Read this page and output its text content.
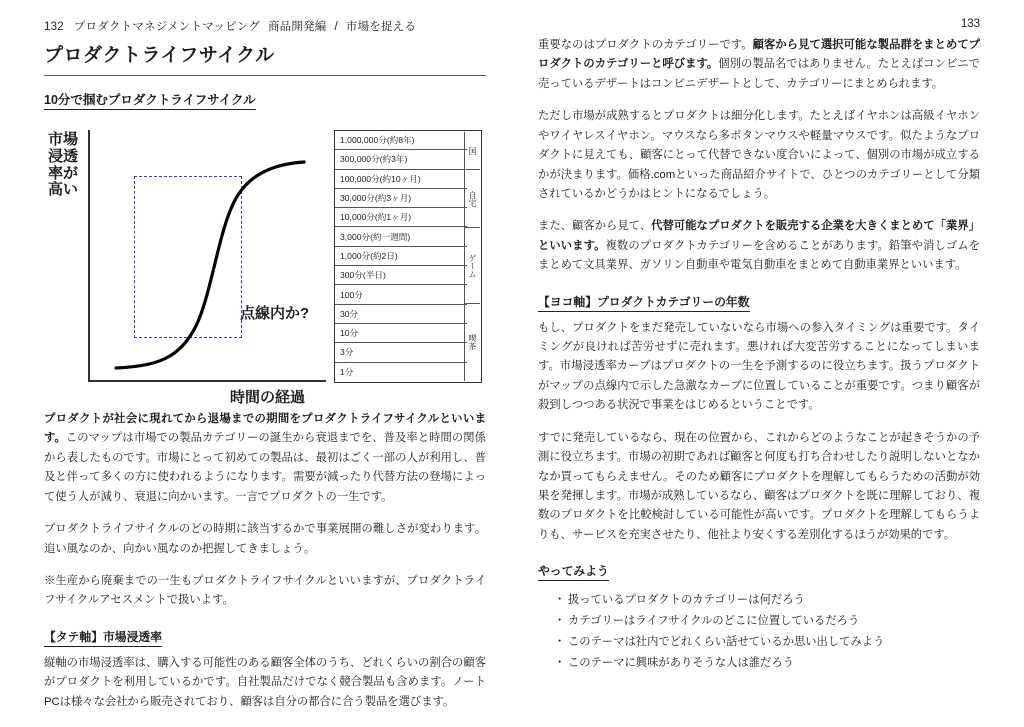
132 プロダクトマネジメントマッピング 商品開発編 / 市場を捉える
プロダクトライフサイクル
10分で掴むプロダクトライフサイクル
市場浸透率が高い
時間の経過
点線内か?
1,000,000分(約8年)
300,000分(約3年)
100,000分(約10ヶ月)
30,000分(約3ヶ月)
10,000分(約1ヶ月)
3,000分(約一週間)
1,000分(約2日)
300分(半日)
100分
30分
10分
3分
1分
国
自宅
ゲーム
喫茶

プロダクトが社会に現れてから退場までの期間をプロダクトライフサイクルといいます。このマップは市場での製品カテゴリーの誕生から衰退までを、普及率と時間の関係から表したものです。市場にとって初めての製品は、最初はごく一部の人が利用し、普及と伴って多くの方に使われるようになります。需要が減ったり代替方法の登場によって使う人が減り、衰退に向かいます。一言でプロダクトの一生です。

プロダクトライフサイクルのどの時期に該当するかで事業展開の難しさが変わります。追い風なのか、向かい風なのか把握してきましょう。

※生産から廃棄までの一生もプロダクトライフサイクルといいますが、プロダクトライフサイクルアセスメントで扱いよす。

【タテ軸】市場浸透率

縦軸の市場浸透率は、購入する可能性のある顧客全体のうち、どれくらいの割合の顧客がプロダクトを利用しているかです。自社製品だけでなく競合製品も含めます。ノートPCは様々な会社から販売されており、顧客は自分の都合に合う製品を選びます。

133

重要なのはプロダクトのカテゴリーです。顧客から見て選択可能な製品群をまとめてプロダクトのカテゴリーと呼びます。個別の製品名ではありません。たとえばコンビニで売っているデザートはコンビニデザートとして、カテゴリーにまとめられます。

ただし市場が成熟するとプロダクトは細分化します。たとえばイヤホンは高級イヤホンやワイヤレスイヤホン。マウスなら多ボタンマウスや軽量マウスです。似たようなプロダクトに見えても、顧客にとって代替できない度合いによって、個別の市場が成立するかが決まります。価格.comといった商品紹介サイトで、ひとつのカテゴリーとして分類されているかどうかはヒントになるでしょう。

また、顧客から見て、代替可能なプロダクトを販売する企業を大きくまとめて「業界」といいます。複数のプロダクトカテゴリーを含めることがあります。鉛筆や消しゴムをまとめて文具業界、ガソリン自動車や電気自動車をまとめて自動車業界といいます。

【ヨコ軸】プロダクトカテゴリーの年数

もし、プロダクトをまだ発売していないなら市場への参入タイミングは重要です。タイミングが良ければ苦労せずに売れます。悪ければ大変苦労することになってしまいます。市場浸透率カーブはプロダクトの一生を予測するのに役立ちます。扱うプロダクトがマップの点線内で示した急激なカーブに位置していることが重要です。つまり顧客が殺到しつつある状況で事業をはじめるということです。

すでに発売しているなら、現在の位置から、これからどのようなことが起きそうかの予測に役立ちます。市場の初期であれば顧客と何度も打ち合わせしたり説明しないとなかなか買ってもらえません。そのため顧客にプロダクトを理解してもらうための活動が効果を発揮します。市場が成熟しているなら、顧客はプロダクトを既に理解しており、複数のプロダクトを比較検討している可能性が高いです。プロダクトを理解してもらうよりも、サービスを充実させたり、他社より安くする差別化するほうが効果的です。

やってみよう
・ 扱っているプロダクトのカテゴリーは何だろう
・ カテゴリーはライフサイクルのどこに位置しているだろう
・ このテーマは社内でどれくらい話せているか思い出してみよう
・ このテーマに興味がありそうな人は誰だろう
